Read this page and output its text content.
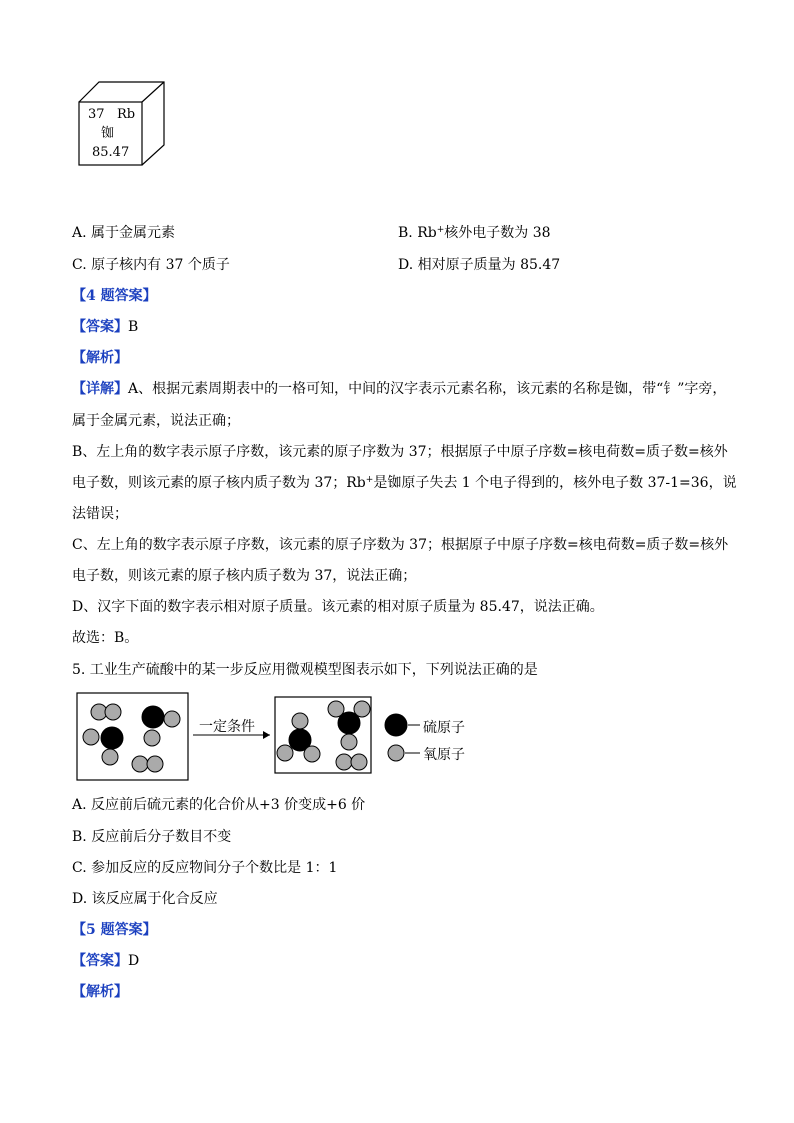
37 Rb
铷
85.47
A. 属于金属元素	B. Rb+核外电子数为 38
C. 原子核内有 37 个质子	D. 相对原子质量为 85.47
【4 题答案】
【答案】B
【解析】
【详解】A、根据元素周期表中的一格可知，中间的汉字表示元素名称，该元素的名称是铷，带“钅”字旁，
属于金属元素，说法正确；
B、左上角的数字表示原子序数，该元素的原子序数为 37；根据原子中原子序数=核电荷数=质子数=核外
电子数，则该元素的原子核内质子数为 37；Rb+是铷原子失去 1 个电子得到的，核外电子数 37-1=36，说
法错误；
C、左上角的数字表示原子序数，该元素的原子序数为 37；根据原子中原子序数=核电荷数=质子数=核外
电子数，则该元素的原子核内质子数为 37，说法正确；
D、汉字下面的数字表示相对原子质量。该元素的相对原子质量为 85.47，说法正确。
故选：B。
5. 工业生产硫酸中的某一步反应用微观模型图表示如下，下列说法正确的是
一定条件	硫原子
氧原子
A. 反应前后硫元素的化合价从+3 价变成+6 价
B. 反应前后分子数目不变
C. 参加反应的反应物间分子个数比是 1：1
D. 该反应属于化合反应
【5 题答案】
【答案】D
【解析】
